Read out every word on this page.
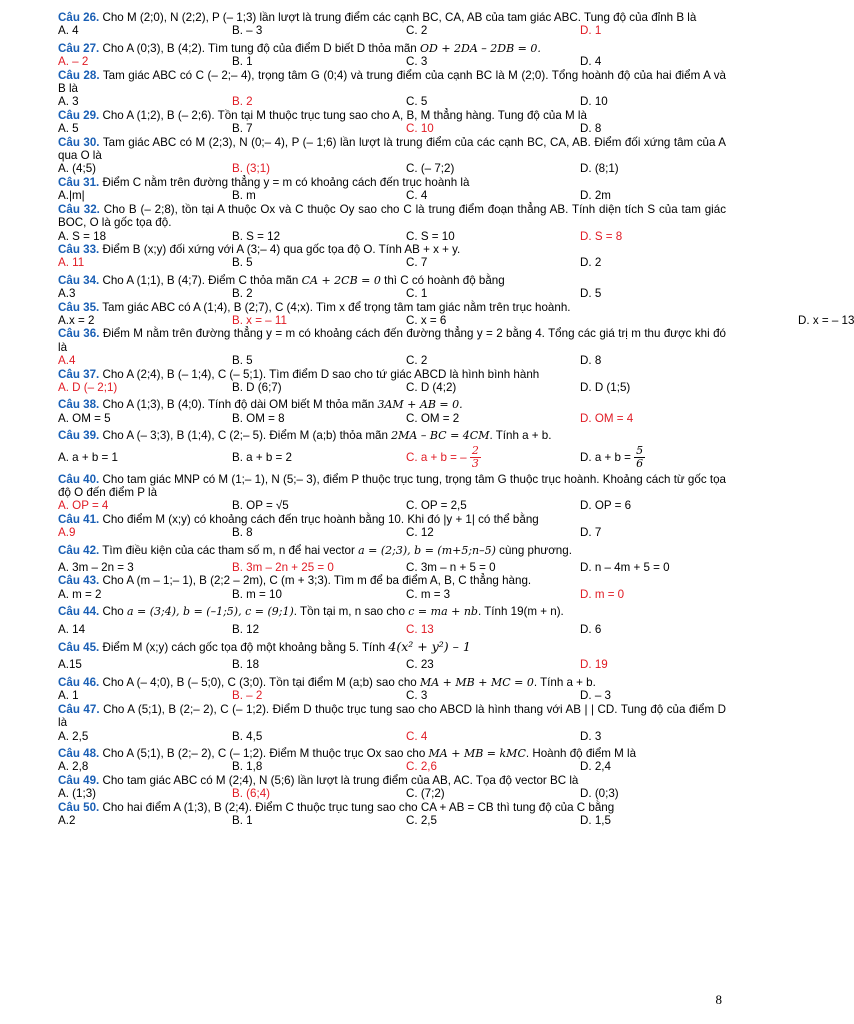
Câu 26. Cho M (2;0), N (2;2), P (– 1;3) lần lượt là trung điểm các cạnh BC, CA, AB của tam giác ABC. Tung độ của đỉnh B là
A. 4	B. – 3	C. 2	D. 1
Câu 27. Cho A (0;3), B (4;2). Tìm tung độ của điểm D biết D thỏa mãn OD + 2DA – 2DB = 0.
A. – 2	B. 1	C. 3	D. 4
Câu 28. Tam giác ABC có C (– 2;– 4), trọng tâm G (0;4) và trung điểm của cạnh BC là M (2;0). Tổng hoành độ của hai điểm A và B là
A. 3	B. 2	C. 5	D. 10
Câu 29. Cho A (1;2), B (– 2;6). Tồn tại M thuộc trục tung sao cho A, B, M thẳng hàng. Tung độ của M là
A. 5	B. 7	C. 10	D. 8
Câu 30. Tam giác ABC có M (2;3), N (0;– 4), P (– 1;6) lần lượt là trung điểm của các cạnh BC, CA, AB. Điểm đối xứng tâm của A qua O là
A. (4;5)	B. (3;1)	C. (– 7;2)	D. (8;1)
Câu 31. Điểm C nằm trên đường thẳng y = m có khoảng cách đến trục hoành là
A.|m|	B. m	C. 4	D. 2m
Câu 32. Cho B (– 2;8), tồn tại A thuộc Ox và C thuộc Oy sao cho C là trung điểm đoạn thẳng AB. Tính diện tích S của tam giác BOC, O là gốc tọa độ.
A. S = 18	B. S = 12	C. S = 10	D. S = 8
Câu 33. Điểm B (x;y) đối xứng với A (3;– 4) qua gốc tọa độ O. Tính AB + x + y.
A. 11	B. 5	C. 7	D. 2
Câu 34. Cho A (1;1), B (4;7). Điểm C thỏa mãn CA + 2CB = 0 thì C có hoành độ bằng
A.3	B. 2	C. 1	D. 5
Câu 35. Tam giác ABC có A (1;4), B (2;7), C (4;x). Tìm x để trọng tâm tam giác nằm trên trục hoành.
A.x = 2	B. x = – 11	C. x = 6	D. x = – 13
Câu 36. Điểm M nằm trên đường thẳng y = m có khoảng cách đến đường thẳng y = 2 bằng 4. Tổng các giá trị m thu được khi đó là
A.4	B. 5	C. 2	D. 8
Câu 37. Cho A (2;4), B (– 1;4), C (– 5;1). Tìm điểm D sao cho tứ giác ABCD là hình bình hành
A. D (– 2;1)	B. D (6;7)	C. D (4;2)	D. D (1;5)
Câu 38. Cho A (1;3), B (4;0). Tính độ dài OM biết M thỏa mãn 3AM + AB = 0.
A. OM = 5	B. OM = 8	C. OM = 2	D. OM = 4
Câu 39. Cho A (– 3;3), B (1;4), C (2;– 5). Điểm M (a;b) thỏa mãn 2MA – BC = 4CM. Tính a + b.
A. a + b = 1	B. a + b = 2	C. a + b = – $\frac{2}{3}$	D. $a + b = \frac{5}{6}$
Câu 40. Cho tam giác MNP có M (1;– 1), N (5;– 3), điểm P thuộc trục tung, trọng tâm G thuộc trục hoành. Khoảng cách từ gốc tọa độ O đến điểm P là
A. OP = 4	B. OP = √5	C. OP = 2,5	D. OP = 6
Câu 41. Cho điểm M (x;y) có khoảng cách đến trục hoành bằng 10. Khi đó |y + 1| có thể bằng
A.9	B. 8	C. 12	D. 7
Câu 42. Tìm điều kiện của các tham số m, n để hai vector a = (2;3), b = (m+5;n–5) cùng phương.
A. 3m – 2n = 3	B. 3m – 2n + 25 = 0	C. 3m – n + 5 = 0	D. n – 4m + 5 = 0
Câu 43. Cho A (m – 1;– 1), B (2;2 – 2m), C (m + 3;3). Tìm m để ba điểm A, B, C thẳng hàng.
A. m = 2	B. m = 10	C. m = 3	D. m = 0
Câu 44. Cho a = (3;4), b = (–1;5), c = (9;1). Tồn tại m, n sao cho c = ma + nb. Tính 19(m + n).
A. 14	B. 12	C. 13	D. 6
Câu 45. Điểm M (x;y) cách gốc tọa độ một khoảng bằng 5. Tính 4(x² + y²) – 1
A.15	B. 18	C. 23	D. 19
Câu 46. Cho A (– 4;0), B (– 5;0), C (3;0). Tồn tại điểm M (a;b) sao cho MA + MB + MC = 0. Tính a + b.
A. 1	B. – 2	C. 3	D. – 3
Câu 47. Cho A (5;1), B (2;– 2), C (– 1;2). Điểm D thuộc trục tung sao cho ABCD là hình thang với AB | | CD. Tung độ của điểm D là
A. 2,5	B. 4,5	C. 4	D. 3
Câu 48. Cho A (5;1), B (2;– 2), C (– 1;2). Điểm M thuộc trục Ox sao cho MA + MB = kMC. Hoành độ điểm M là
A. 2,8	B. 1,8	C. 2,6	D. 2,4
Câu 49. Cho tam giác ABC có M (2;4), N (5;6) lần lượt là trung điểm của AB, AC. Tọa độ vector BC là
A. (1;3)	B. (6;4)	C. (7;2)	D. (0;3)
Câu 50. Cho hai điểm A (1;3), B (2;4). Điểm C thuộc trục tung sao cho CA + AB = CB thì tung độ của C bằng
A.2	B. 1	C. 2,5	D. 1,5
8
